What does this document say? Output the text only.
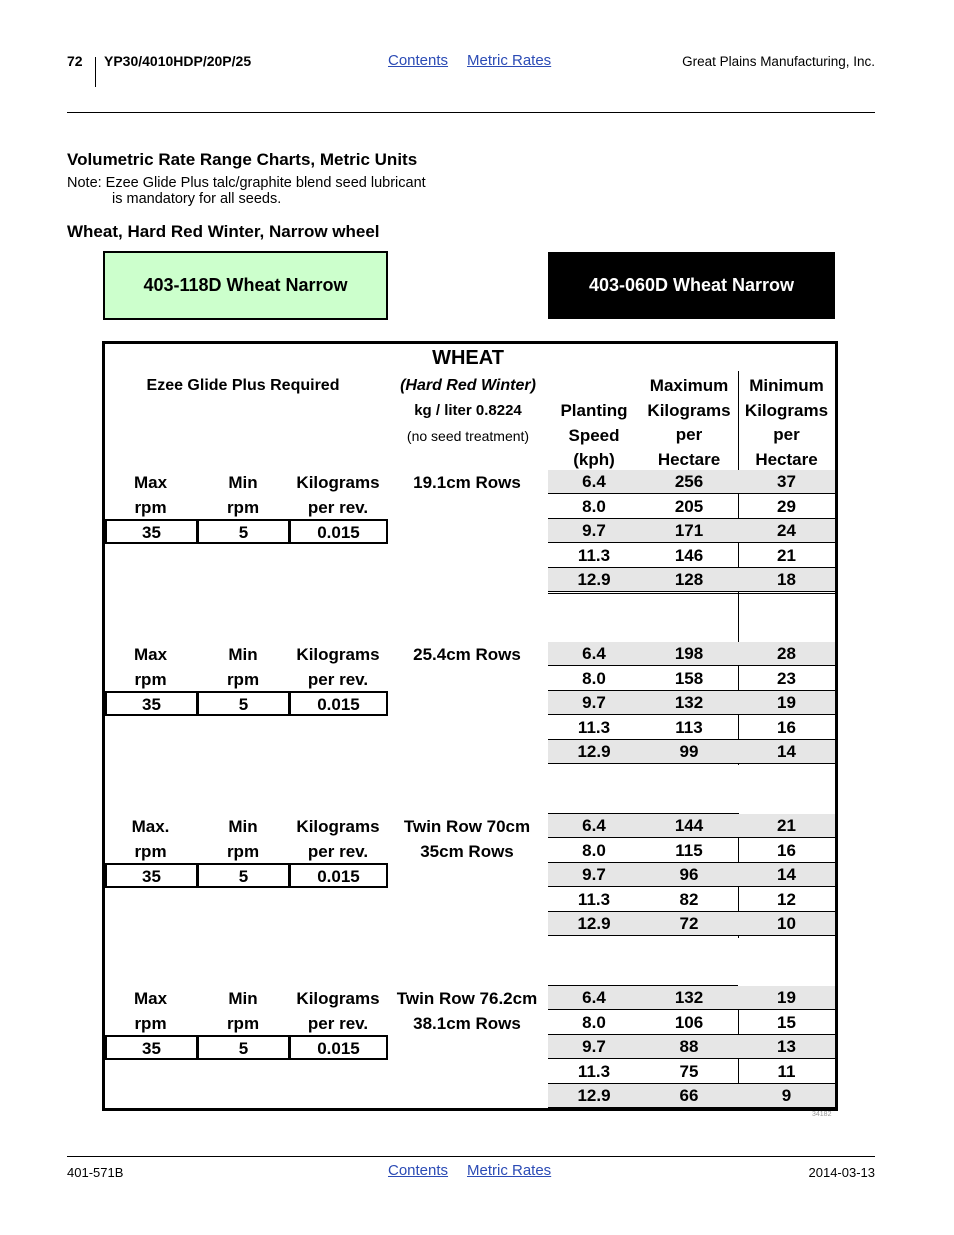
72 YP30/4010HDP/20P/25	Contents Metric Rates	Great Plains Manufacturing, Inc.
Volumetric Rate Range Charts, Metric Units
Note: Ezee Glide Plus talc/graphite blend seed lubricant
is mandatory for all seeds.
Wheat, Hard Red Winter, Narrow wheel
403-118D Wheat Narrow	403-060D Wheat Narrow
WHEAT
Ezee Glide Plus Required	(Hard Red Winter)
kg / liter 0.8224
(no seed treatment)
Planting
Speed
(kph)
Maximum
Kilograms
per
Hectare
Minimum
Kilograms
per
Hectare
Max
rpm
Min
rpm
Kilograms
per rev.
19.1cm Rows
35	5	0.015
6.4	256	37
8.0	205	29
9.7	171	24
11.3	146	21
12.9	128	18
Max
rpm
Min
rpm
Kilograms
per rev.
25.4cm Rows
35	5	0.015
6.4	198	28
8.0	158	23
9.7	132	19
11.3	113	16
12.9	99	14
Max.
rpm
Min
rpm
Kilograms
per rev.
Twin Row 70cm
35cm Rows
35	5	0.015
6.4	144	21
8.0	115	16
9.7	96	14
11.3	82	12
12.9	72	10
Max
rpm
Min
rpm
Kilograms
per rev.
Twin Row 76.2cm
38.1cm Rows
35	5	0.015
6.4	132	19
8.0	106	15
9.7	88	13
11.3	75	11
12.9	66	9
34182
401-571B	Contents Metric Rates	2014-03-13
